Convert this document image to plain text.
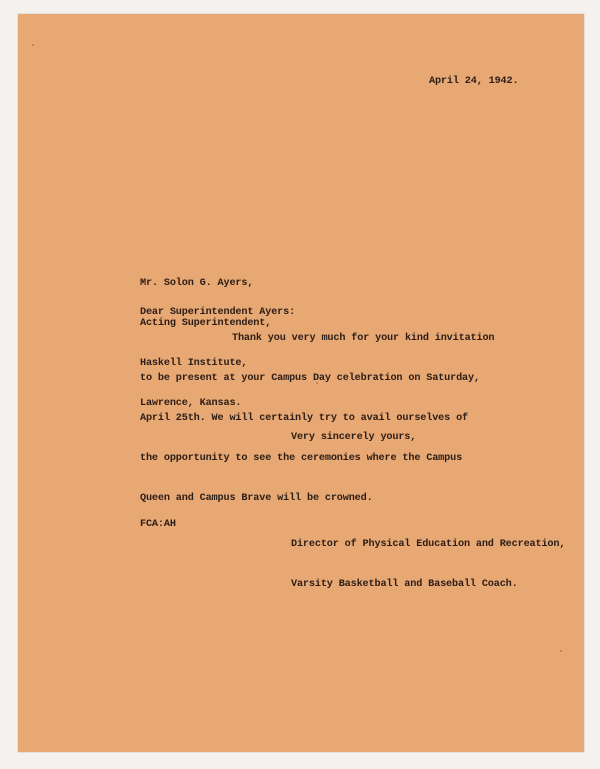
April 24, 1942.

Mr. Solon G. Ayers,

Acting Superintendent,

Haskell Institute,

Lawrence, Kansas.

Dear Superintendent Ayers:
Thank you very much for your kind invitation

to be present at your Campus Day celebration on Saturday,

April 25th. We will certainly try to avail ourselves of

the opportunity to see the ceremonies where the Campus

Queen and Campus Brave will be crowned.

Very sincerely yours,
FCA:AH

Director of Physical Education and Recreation,

Varsity Basketball and Baseball Coach.
